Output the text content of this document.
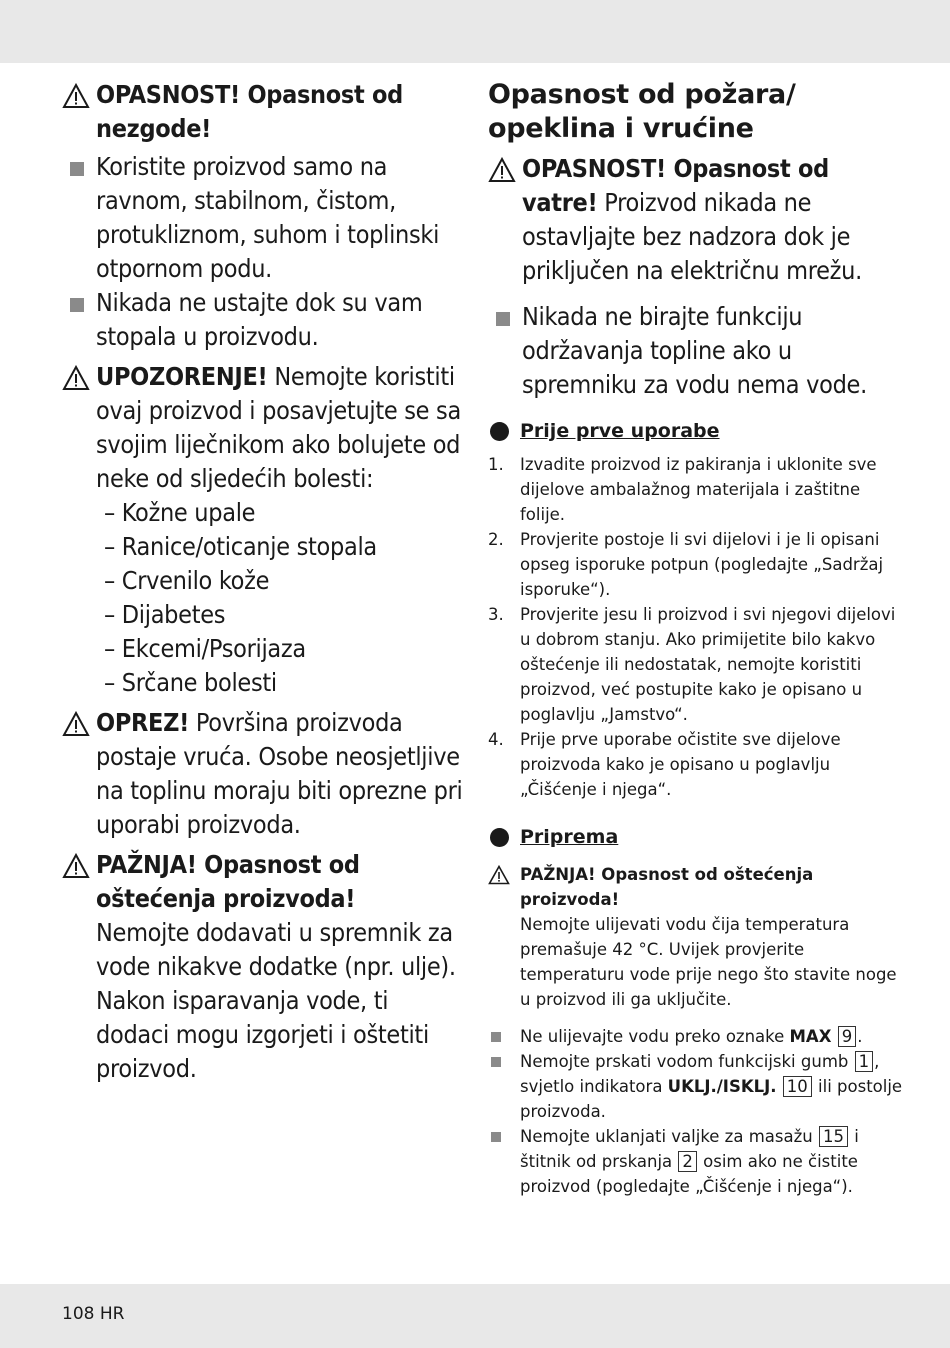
OPASNOST! Opasnost od nezgode!
Koristite proizvod samo na ravnom, stabilnom, čistom, protukliznom, suhom i toplinski otpornom podu.
Nikada ne ustajte dok su vam stopala u proizvodu.
UPOZORENJE! Nemojte koristiti ovaj proizvod i posavjetujte se sa svojim liječnikom ako bolujete od neke od sljedećih bolesti:
– Kožne upale
– Ranice/oticanje stopala
– Crvenilo kože
– Dijabetes
– Ekcemi/Psorijaza
– Srčane bolesti
OPREZ! Površina proizvoda postaje vruća. Osobe neosjetljive na toplinu moraju biti oprezne pri uporabi proizvoda.
PAŽNJA! Opasnost od oštećenja proizvoda!
Nemojte dodavati u spremnik za vode nikakve dodatke (npr. ulje). Nakon isparavanja vode, ti dodaci mogu izgorjeti i oštetiti proizvod.
Opasnost od požara/ opeklina i vrućine
OPASNOST! Opasnost od vatre! Proizvod nikada ne ostavljajte bez nadzora dok je priključen na električnu mrežu.
Nikada ne birajte funkciju održavanja topline ako u spremniku za vodu nema vode.
Prije prve uporabe
1. Izvadite proizvod iz pakiranja i uklonite sve dijelove ambalažnog materijala i zaštitne folije.
2. Provjerite postoje li svi dijelovi i je li opisani opseg isporuke potpun (pogledajte „Sadržaj isporuke“).
3. Provjerite jesu li proizvod i svi njegovi dijelovi u dobrom stanju. Ako primijetite bilo kakvo oštećenje ili nedostatak, nemojte koristiti proizvod, već postupite kako je opisano u poglavlju „Jamstvo“.
4. Prije prve uporabe očistite sve dijelove proizvoda kako je opisano u poglavlju „Čišćenje i njega“.
Priprema
PAŽNJA! Opasnost od oštećenja proizvoda!
Nemojte ulijevati vodu čija temperatura premašuje 42 °C. Uvijek provjerite temperaturu vode prije nego što stavite noge u proizvod ili ga uključite.
Ne ulijevajte vodu preko oznake MAX 9 .
Nemojte prskati vodom funkcijski gumb 1 , svjetlo indikatora UKLJ./ISKLJ. 10 ili postolje proizvoda.
Nemojte uklanjati valjke za masažu 15 i štitnik od prskanja 2 osim ako ne čistite proizvod (pogledajte „Čišćenje i njega“).
108 HR
